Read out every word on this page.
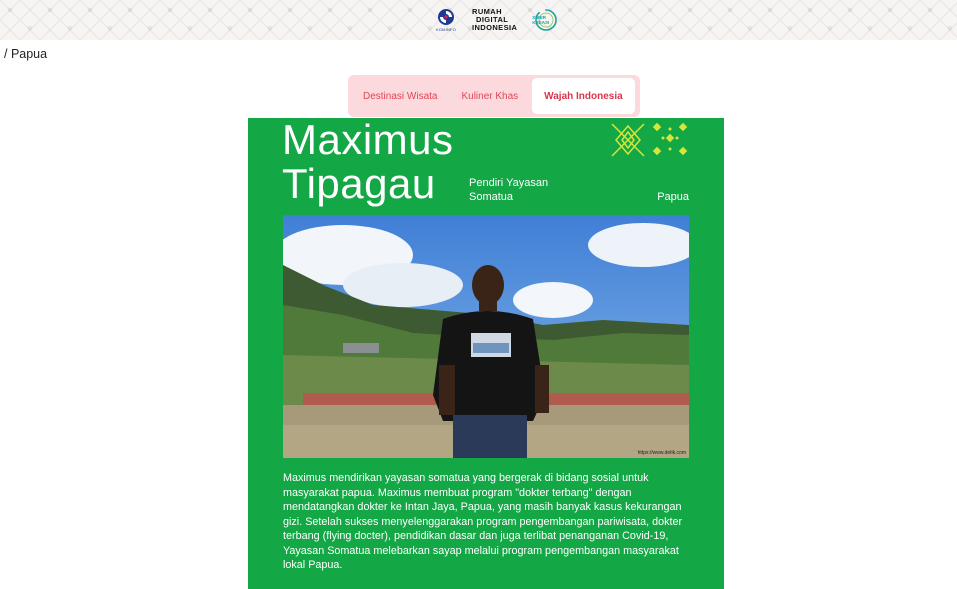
KOMINFO
RUMAH
DIGITAL
INDONESIA
SIBER
KREASI
/ Papua
Destinasi Wisata	Kuliner Khas	Wajah Indonesia
Maximus
Tipagau	Pendiri Yayasan Somatua	Papua
https://www.detik.com
Maximus mendirikan yayasan somatua yang bergerak di bidang sosial untuk masyarakat papua. Maximus membuat program "dokter terbang" dengan mendatangkan dokter ke Intan Jaya, Papua, yang masih banyak kasus kekurangan gizi. Setelah sukses menyelenggarakan program pengembangan pariwisata, dokter terbang (flying docter), pendidikan dasar dan juga terlibat penanganan Covid-19, Yayasan Somatua melebarkan sayap melalui program pengembangan masyarakat lokal Papua.
